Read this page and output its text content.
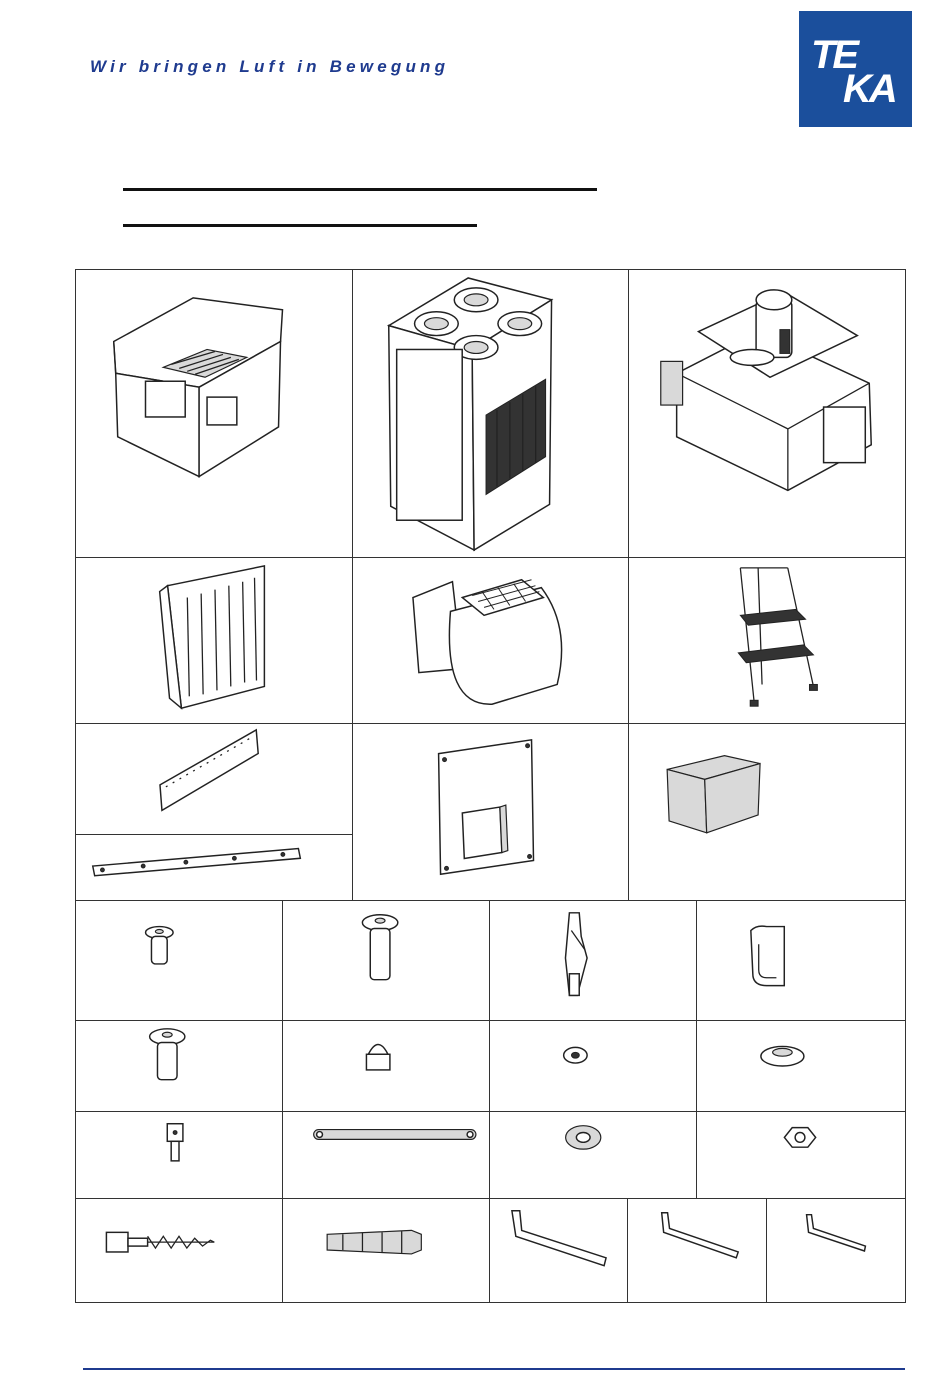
Wir bringen Luft in Bewegung	TE
KA
